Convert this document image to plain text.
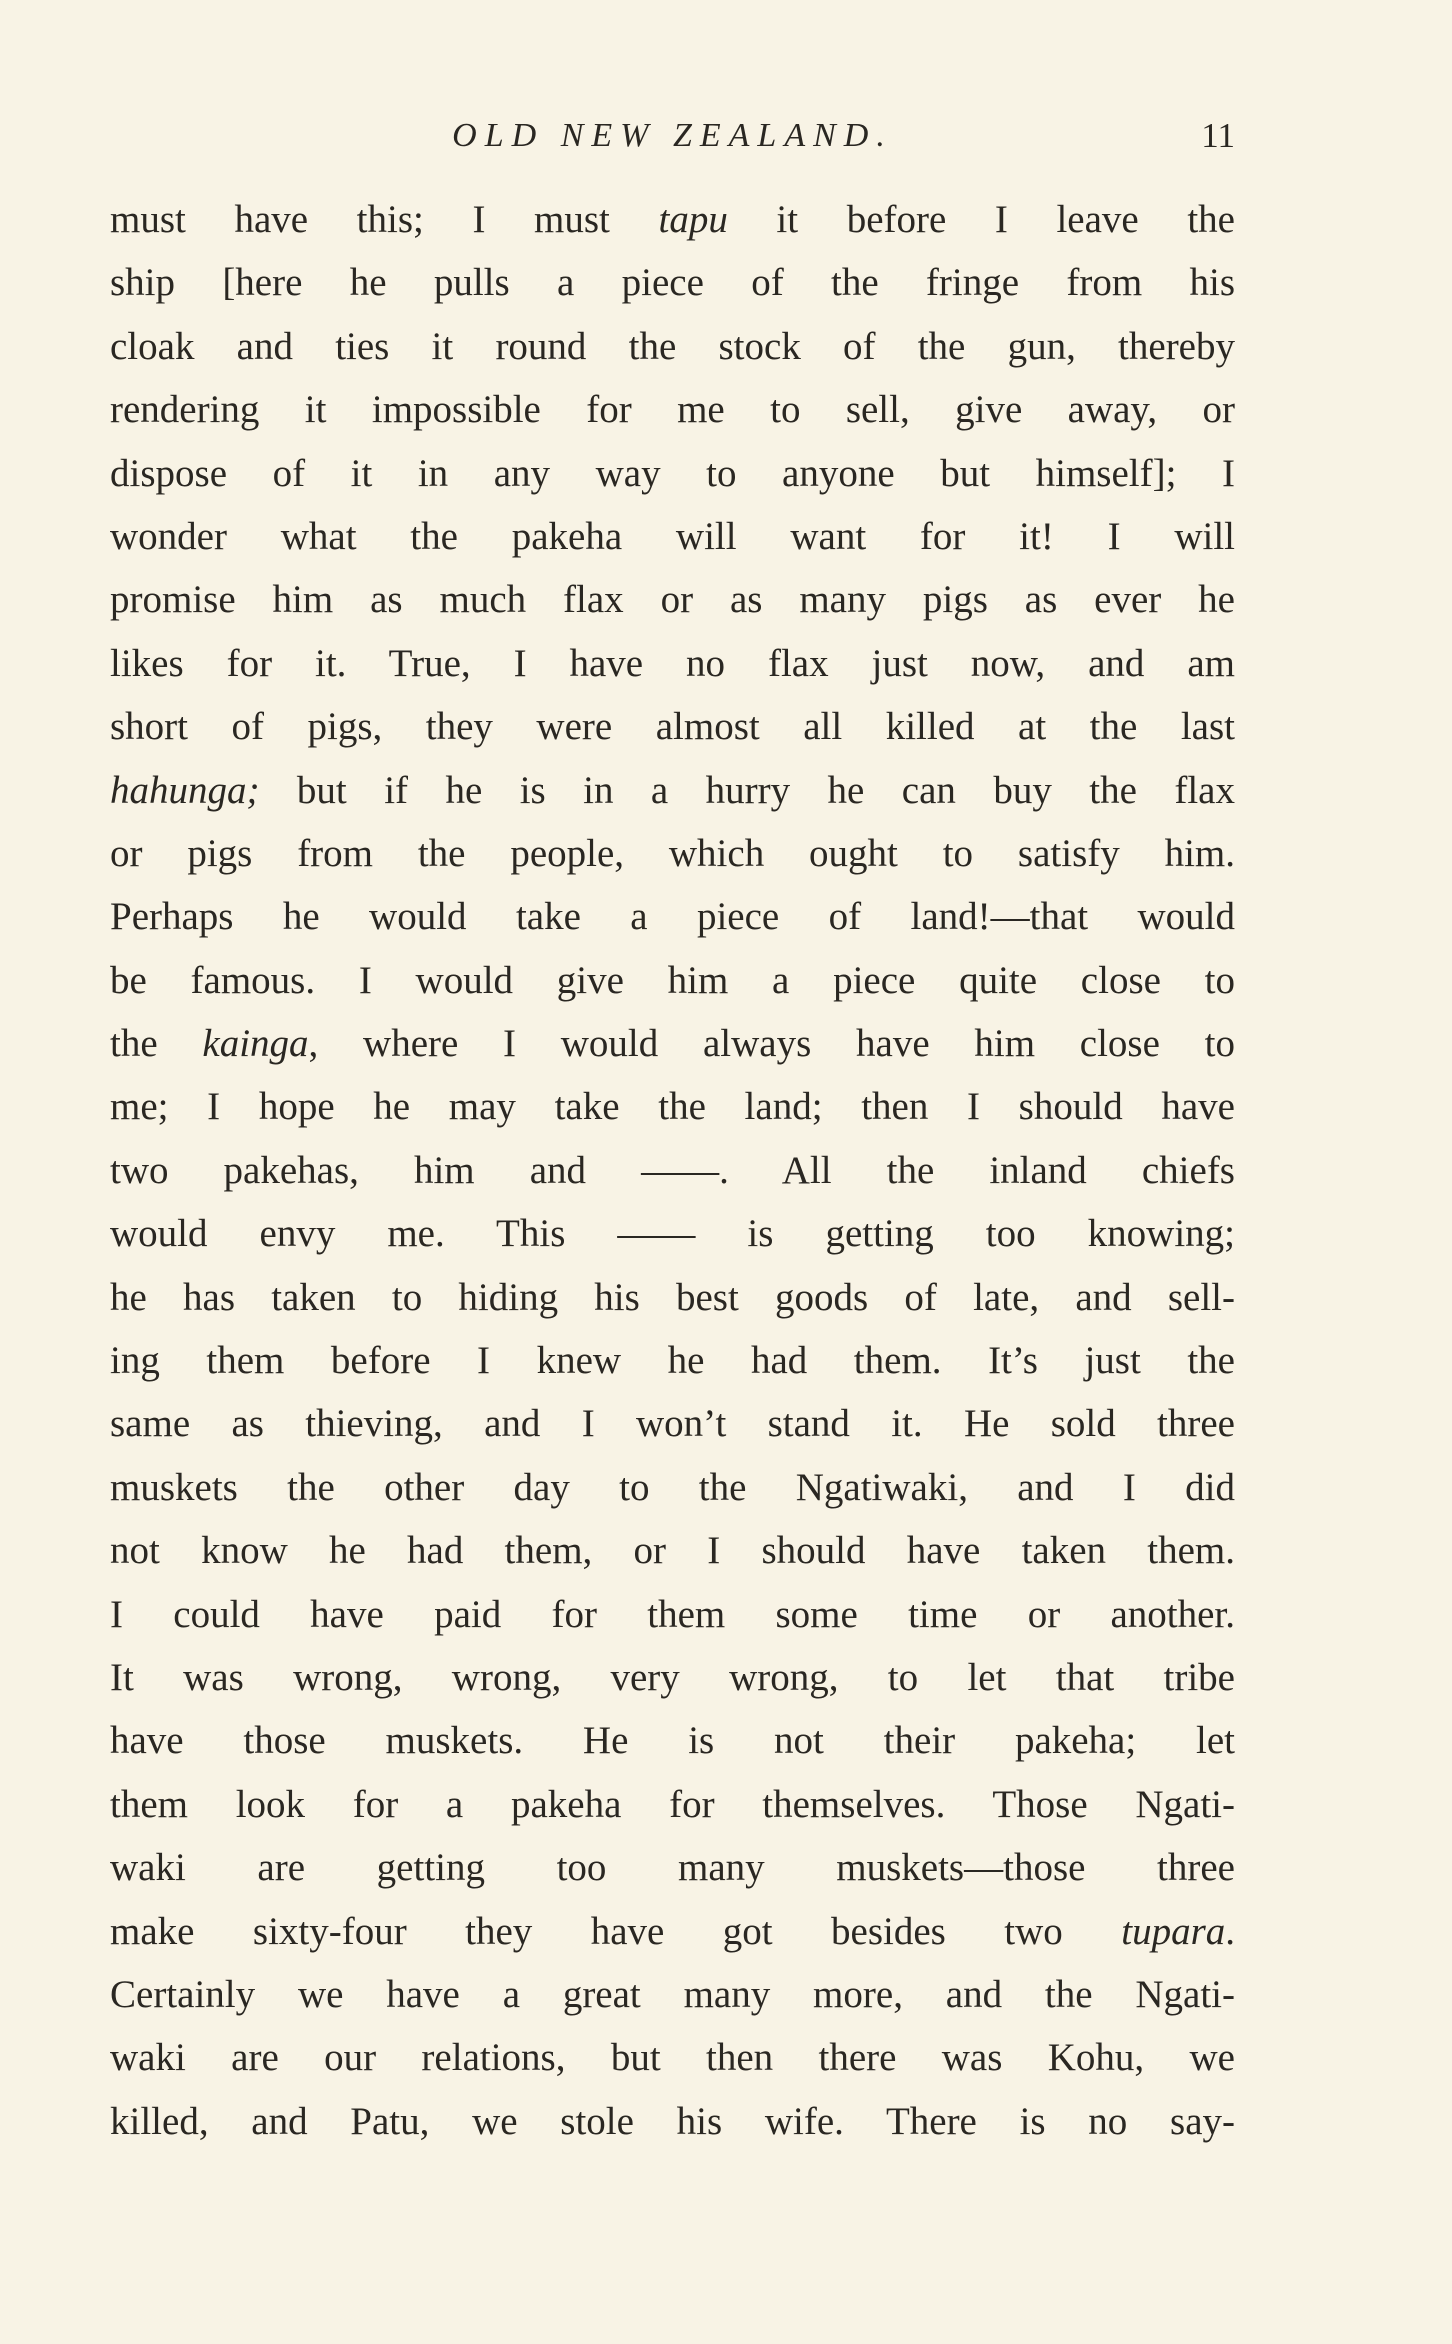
OLD NEW ZEALAND.	11
must have this; I must tapu it before I leave the
ship [here he pulls a piece of the fringe from his
cloak and ties it round the stock of the gun, thereby
rendering it impossible for me to sell, give away, or
dispose of it in any way to anyone but himself]; I
wonder what the pakeha will want for it! I will
promise him as much flax or as many pigs as ever he
likes for it. True, I have no flax just now, and am
short of pigs, they were almost all killed at the last
hahunga; but if he is in a hurry he can buy the flax
or pigs from the people, which ought to satisfy him.
Perhaps he would take a piece of land!—that would
be famous. I would give him a piece quite close to
the kainga, where I would always have him close to
me; I hope he may take the land; then I should have
two pakehas, him and ——. All the inland chiefs
would envy me. This —— is getting too knowing;
he has taken to hiding his best goods of late, and sell-
ing them before I knew he had them. It’s just the
same as thieving, and I won’t stand it. He sold three
muskets the other day to the Ngatiwaki, and I did
not know he had them, or I should have taken them.
I could have paid for them some time or another.
It was wrong, wrong, very wrong, to let that tribe
have those muskets. He is not their pakeha; let
them look for a pakeha for themselves. Those Ngati-
waki are getting too many muskets—those three
make sixty-four they have got besides two tupara.
Certainly we have a great many more, and the Ngati-
waki are our relations, but then there was Kohu, we
killed, and Patu, we stole his wife. There is no say-
